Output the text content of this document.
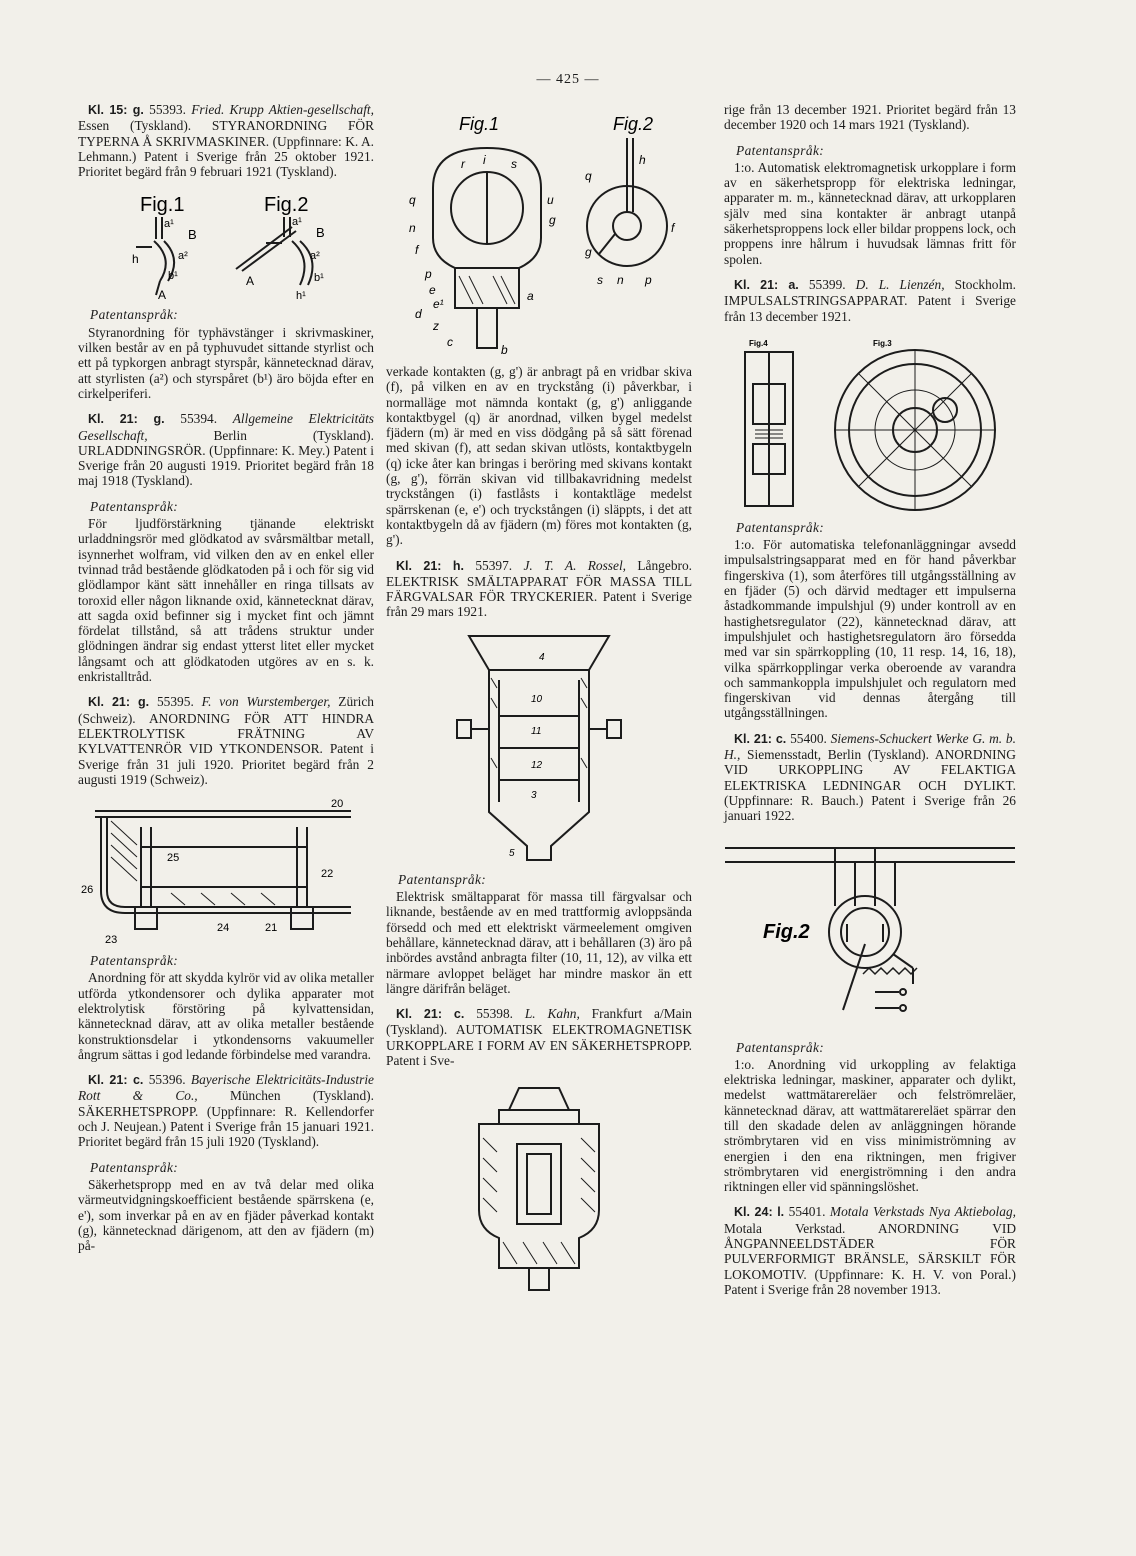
— 425 —

Kl. 15: g. 55393. Fried. Krupp Aktien-gesellschaft, Essen (Tyskland). STYRANORDNING FÖR TYPERNA Å SKRIVMASKINER. (Uppfinnare: K. A. Lehmann.) Patent i Sverige från 25 oktober 1921. Prioritet begärd från 9 februari 1921 (Tyskland).

Fig.1	Fig.2
a¹
B
a²
h
b¹
A
a¹
B
a²
A	b¹
h¹
Patentanspråk:

Styranordning för typhävstänger i skrivmaskiner, vilken består av en på typhuvudet sittande styrlist och ett på typkorgen anbragt styrspår, kännetecknad därav, att styrlisten (a²) och styrspåret (b¹) äro böjda efter en cirkelperiferi.

Kl. 21: g. 55394. Allgemeine Elektricitäts Gesellschaft,	Berlin (Tyskland). URLADDNINGSRÖR. (Uppfinnare: K. Mey.) Patent i Sverige från 20 augusti 1919. Prioritet begärd från 18 maj 1918 (Tyskland).

Patentanspråk:

För ljudförstärkning tjänande elektriskt urladdningsrör med glödkatod av svårsmältbar metall, isynnerhet wolfram, vid vilken den av en enkel eller tvinnad tråd bestående glödkatoden på i och för sig vid glödlampor känt sätt innehåller en ringa tillsats av toroxid eller någon liknande oxid, kännetecknat därav, att sagda oxid befinner sig i mycket fint och jämnt fördelat tillstånd, så att trådens struktur under glödningen ändrar sig endast ytterst litet eller mycket långsamt och att glödkatoden utgöres av en s. k. enkristalltråd.

Kl. 21: g. 55395. F. von Wurstemberger, Zürich (Schweiz). ANORDNING FÖR ATT HINDRA ELEKTROLYTISK FRÄTNING AV KYLVATTENRÖR VID YTKONDENSOR. Patent i Sverige från 31 juli 1920. Prioritet begärd från 2 augusti 1919 (Schweiz).

20
25
22
26
24	21
23
Patentanspråk:

Anordning för att skydda kylrör vid av olika metaller utförda ytkondensorer och dylika apparater mot elektrolytisk förstöring på kylvattensidan, kännetecknad därav, att av olika metaller bestående konstruktionsdelar i ytkondensorns vakuumeller ångrum sättas i god ledande förbindelse med varandra.

Kl. 21: c. 55396. Bayerische Elektricitäts-Industrie Rott & Co., München (Tyskland). SÄKERHETSPROPP. (Uppfinnare: R. Kellendorfer och J. Neujean.) Patent i Sverige från 15 januari 1921. Prioritet begärd från 15 juli 1920 (Tyskland).

Patentanspråk:

Säkerhetspropp med en av två delar med olika värmeutvidgningskoefficient bestående spärrskena (e, e'), som inverkar på en av en fjäder påverkad kontakt (g), kännetecknad därigenom, att den av fjädern (m) på-

Fig.1	Fig.2
r i s
q	u
g
n
f
p
e
e¹
a
d
z
c
b
h
q
f
g
s n p

verkade kontakten (g, g') är anbragt på en vridbar skiva (f), på vilken en av en tryckstång (i) påverkbar, i normalläge mot nämnda kontakt (g, g') anliggande kontaktbygel (q) är anordnad, vilken bygel medelst fjädern (m) är med en viss dödgång på så sätt förenad med skivan (f), att sedan skivan utlösts, kontaktbygeln (q) icke åter kan bringas i beröring med skivans kontakt (g, g'), förrän skivan vid tillbakavridning medelst tryckstången (i) fastlåsts i kontaktläge medelst spärrskenan (e, e') och tryckstången (i) släppts, i det att kontaktbygeln då av fjädern (m) föres mot kontakten (g, g').

Kl. 21: h. 55397. J. T. A. Rossel, Långebro. ELEKTRISK SMÄLTAPPARAT FÖR MASSA TILL FÄRGVALSAR FÖR TRYCKERIER. Patent i Sverige från 29 mars 1921.

4
10
11
12
3
5
Patentanspråk:

Elektrisk smältapparat för massa till färgvalsar och liknande, bestående av en med trattformig avloppsända försedd och med ett elektriskt värmeelement omgiven behållare, kännetecknad därav, att i behållaren (3) äro på inbördes avstånd anbragta filter (10, 11, 12), av vilka ett närmare avloppet beläget har mindre maskor än ett längre därifrån beläget.

Kl. 21: c. 55398. L. Kahn, Frankfurt a/Main (Tyskland). AUTOMATISK ELEKTROMAGNETISK URKOPPLARE I FORM AV EN SÄKERHETSPROPP. Patent i Sve-

rige från 13 december 1921. Prioritet begärd från 13 december 1920 och 14 mars 1921 (Tyskland).

Patentanspråk:

1:o. Automatisk elektromagnetisk urkopplare i form av en säkerhetspropp för elektriska ledningar, apparater m. m., kännetecknad därav, att urkopplaren själv med sina kontakter är anbragt utanpå säkerhetsproppens lock eller bildar proppens lock, och proppens inre hålrum i huvudsak lämnas fritt för spolen.

Kl. 21: a. 55399. D. L. Lienzén, Stockholm. IMPULSALSTRINGSAPPARAT. Patent i Sverige från 13 december 1921.

Fig.4	Fig.3
Patentanspråk:

1:o. För automatiska telefonanläggningar avsedd impulsalstringsapparat med en för hand påverkbar fingerskiva (1), som återföres till utgångsställning av en fjäder (5) och därvid medtager ett impulserna åstadkommande impulshjul (9) under kontroll av en hastighetsregulator (22), kännetecknad därav, att impulshjulet och hastighetsregulatorn äro försedda med var sin spärrkoppling (10, 11 resp. 14, 16, 18), vilka spärrkopplingar verka oberoende av varandra och sammankoppla impulshjulet och regulatorn med fingerskivan vid dennas återgång till utgångsställningen.

Kl. 21: c. 55400. Siemens-Schuckert Werke G. m. b. H., Siemensstadt, Berlin (Tyskland). ANORDNING VID URKOPPLING AV FELAKTIGA ELEKTRISKA LEDNINGAR OCH DYLIKT. (Uppfinnare: R. Bauch.) Patent i Sverige från 26 januari 1922.

Fig.2
Patentanspråk:

1:o. Anordning vid urkoppling av felaktiga elektriska ledningar, maskiner, apparater och dylikt, medelst wattmätarereläer och felströmreläer, kännetecknad därav, att wattmätarereläet spärrar den till den skadade delen av anläggningen hörande strömbrytaren vid en viss minimiströmning av energien i den ena riktningen, men frigiver strömbrytaren vid energiströmning i den andra riktningen eller vid spänningslöshet.

Kl. 24: l. 55401. Motala Verkstads Nya Aktiebolag, Motala Verkstad. ANORDNING VID ÅNGPANNEELDSTÄDER FÖR PULVERFORMIGT BRÄNSLE, SÄRSKILT FÖR LOKOMOTIV. (Uppfinnare: K. H. V. von Poral.) Patent i Sverige från 28 november 1913.
